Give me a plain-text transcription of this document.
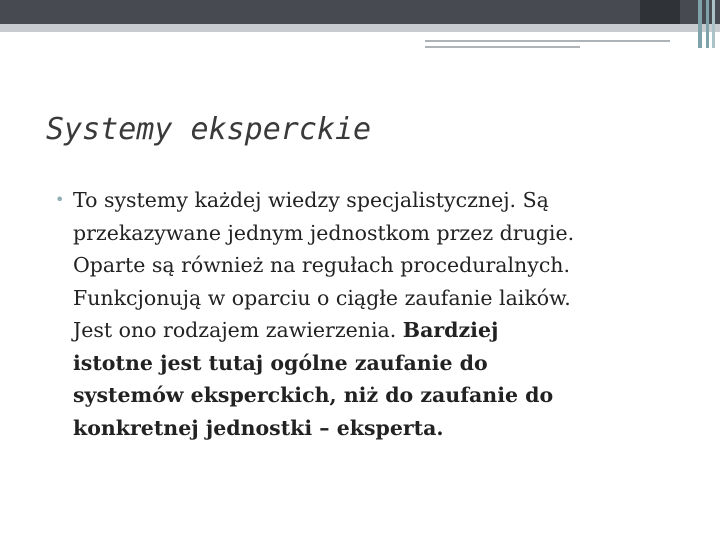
Systemy eksperckie
• To systemy każdej wiedzy specjalistycznej. Są
przekazywane jednym jednostkom przez drugie.
Oparte są również na regułach proceduralnych.
Funkcjonują w oparciu o ciągłe zaufanie laików.
Jest ono rodzajem zawierzenia. Bardziej
istotne jest tutaj ogólne zaufanie do
systemów eksperckich, niż do zaufanie do
konkretnej jednostki – eksperta.
